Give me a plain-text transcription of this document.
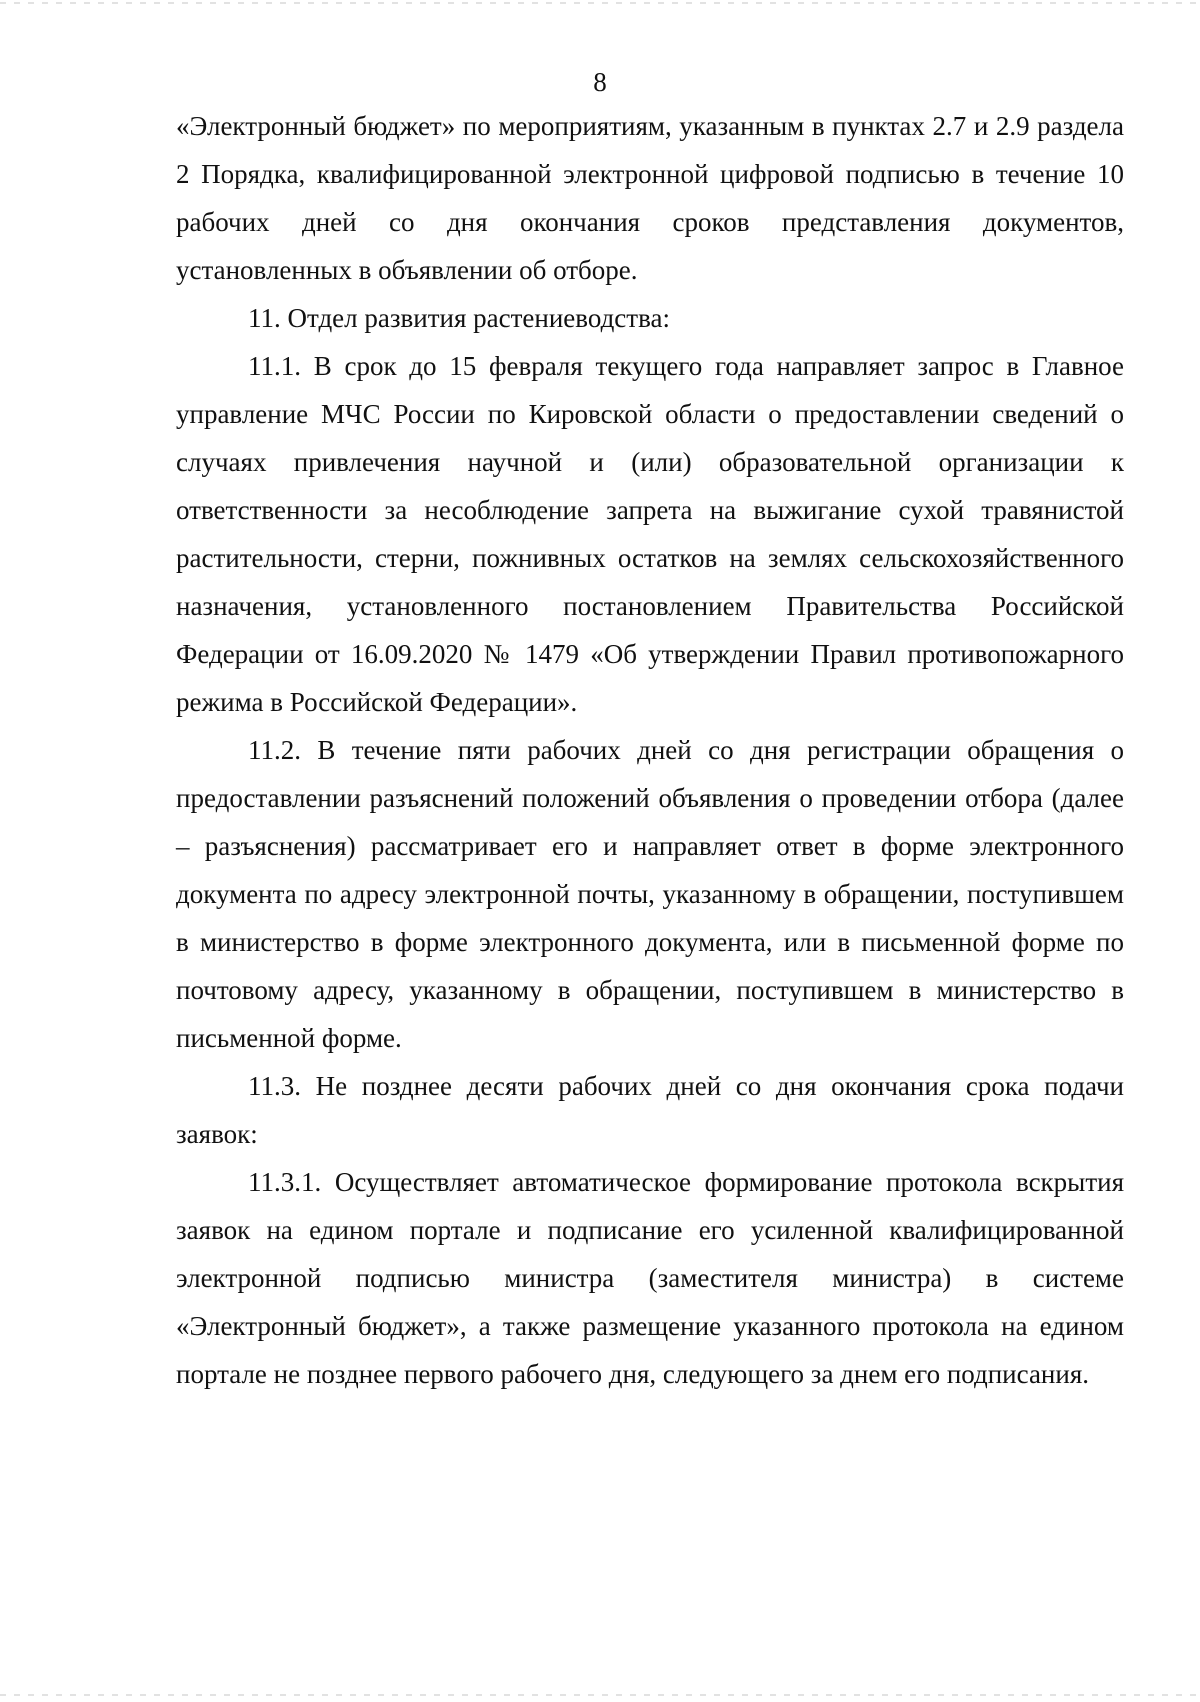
8

«Электронный бюджет» по мероприятиям, указанным в пунктах 2.7 и 2.9 раздела 2 Порядка, квалифицированной электронной цифровой подписью в течение 10 рабочих дней со дня окончания сроков представления документов, установленных в объявлении об отборе.

11. Отдел развития растениеводства:

11.1. В срок до 15 февраля текущего года направляет запрос в Главное управление МЧС России по Кировской области о предоставлении сведений о случаях привлечения научной и (или) образовательной организации к ответственности за несоблюдение запрета на выжигание сухой травянистой растительности, стерни, пожнивных остатков на землях сельскохозяйственного назначения, установленного постановлением Правительства Российской Федерации от 16.09.2020 № 1479 «Об утверждении Правил противопожарного режима в Российской Федерации».

11.2. В течение пяти рабочих дней со дня регистрации обращения о предоставлении разъяснений положений объявления о проведении отбора (далее – разъяснения) рассматривает его и направляет ответ в форме электронного документа по адресу электронной почты, указанному в обращении, поступившем в министерство в форме электронного документа, или в письменной форме по почтовому адресу, указанному в обращении, поступившем в министерство в письменной форме.

11.3. Не позднее десяти рабочих дней со дня окончания срока подачи заявок:

11.3.1. Осуществляет автоматическое формирование протокола вскрытия заявок на едином портале и подписание его усиленной квалифицированной электронной подписью министра (заместителя министра) в системе «Электронный бюджет», а также размещение указанного протокола на едином портале не позднее первого рабочего дня, следующего за днем его подписания.
